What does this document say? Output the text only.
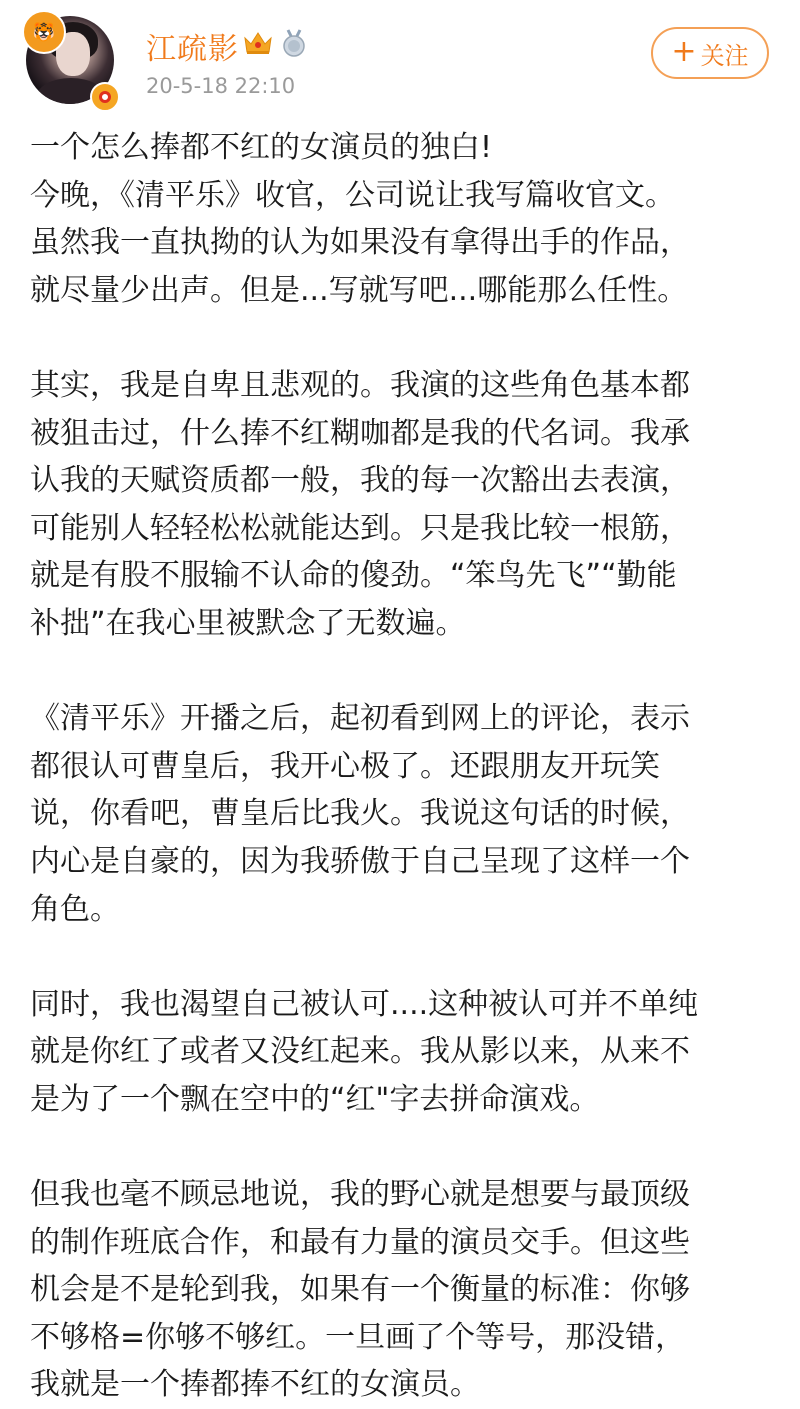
🐯	江疏影
20-5-18 22:10
+ 关注
一个怎么捧都不红的女演员的独白!
今晚，《清平乐》收官，公司说让我写篇收官文。
虽然我一直执拗的认为如果没有拿得出手的作品，
就尽量少出声。但是...写就写吧...哪能那么任性。
其实，我是自卑且悲观的。我演的这些角色基本都
被狙击过，什么捧不红糊咖都是我的代名词。我承
认我的天赋资质都一般，我的每一次豁出去表演，
可能别人轻轻松松就能达到。只是我比较一根筋，
就是有股不服输不认命的傻劲。“笨鸟先飞”“勤能
补拙”在我心里被默念了无数遍。
《清平乐》开播之后，起初看到网上的评论，表示
都很认可曹皇后，我开心极了。还跟朋友开玩笑
说，你看吧，曹皇后比我火。我说这句话的时候，
内心是自豪的，因为我骄傲于自己呈现了这样一个
角色。
同时，我也渴望自己被认可....这种被认可并不单纯
就是你红了或者又没红起来。我从影以来，从来不
是为了一个飘在空中的“红"字去拼命演戏。
但我也毫不顾忌地说，我的野心就是想要与最顶级
的制作班底合作，和最有力量的演员交手。但这些
机会是不是轮到我，如果有一个衡量的标准：你够
不够格=你够不够红。一旦画了个等号，那没错，
我就是一个捧都捧不红的女演员。
